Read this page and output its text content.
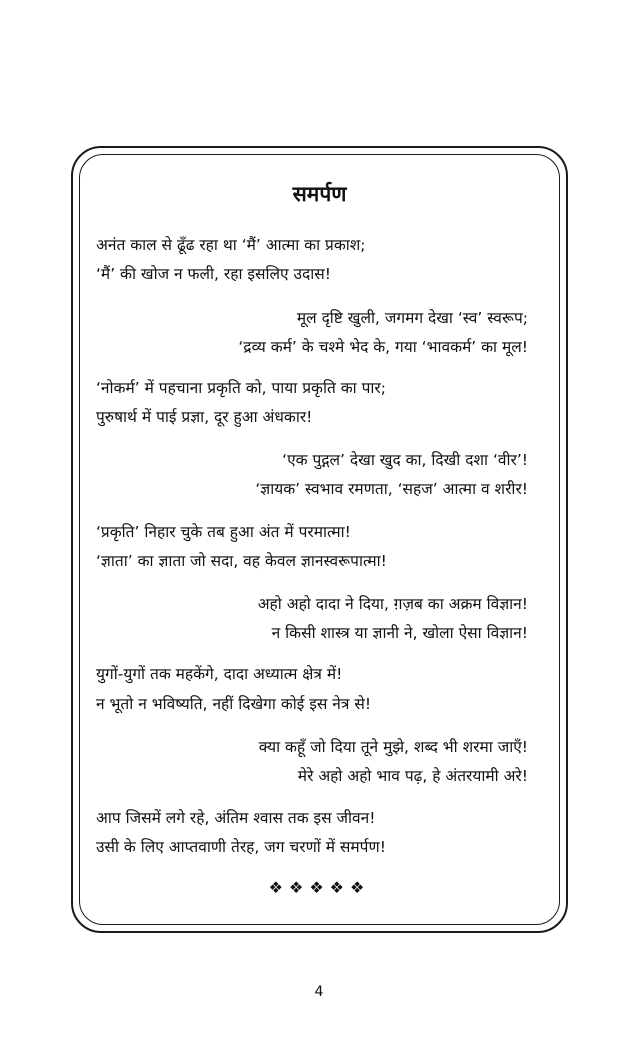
समर्पण
अनंत काल से ढूँढ रहा था ‘मैं’ आत्मा का प्रकाश;
‘मैं’ की खोज न फली, रहा इसलिए उदास!
मूल दृष्टि खुली, जगमग देखा ‘स्व’ स्वरूप;
‘द्रव्य कर्म’ के चश्मे भेद के, गया ‘भावकर्म’ का मूल!
‘नोकर्म’ में पहचाना प्रकृति को, पाया प्रकृति का पार;
पुरुषार्थ में पाई प्रज्ञा, दूर हुआ अंधकार!
‘एक पुद्गल’ देखा खुद का, दिखी दशा ‘वीर’!
‘ज्ञायक’ स्वभाव रमणता, ‘सहज’ आत्मा व शरीर!
‘प्रकृति’ निहार चुके तब हुआ अंत में परमात्मा!
‘ज्ञाता’ का ज्ञाता जो सदा, वह केवल ज्ञानस्वरूपात्मा!
अहो अहो दादा ने दिया, ग़ज़ब का अक्रम विज्ञान!
न किसी शास्त्र या ज्ञानी ने, खोला ऐसा विज्ञान!
युगों-युगों तक महकेंगे, दादा अध्यात्म क्षेत्र में!
न भूतो न भविष्यति, नहीं दिखेगा कोई इस नेत्र से!
क्या कहूँ जो दिया तूने मुझे, शब्द भी शरमा जाएँ!
मेरे अहो अहो भाव पढ़, हे अंतरयामी अरे!
आप जिसमें लगे रहे, अंतिम श्वास तक इस जीवन!
उसी के लिए आप्तवाणी तेरह, जग चरणों में समर्पण!
❖❖❖❖❖
4
